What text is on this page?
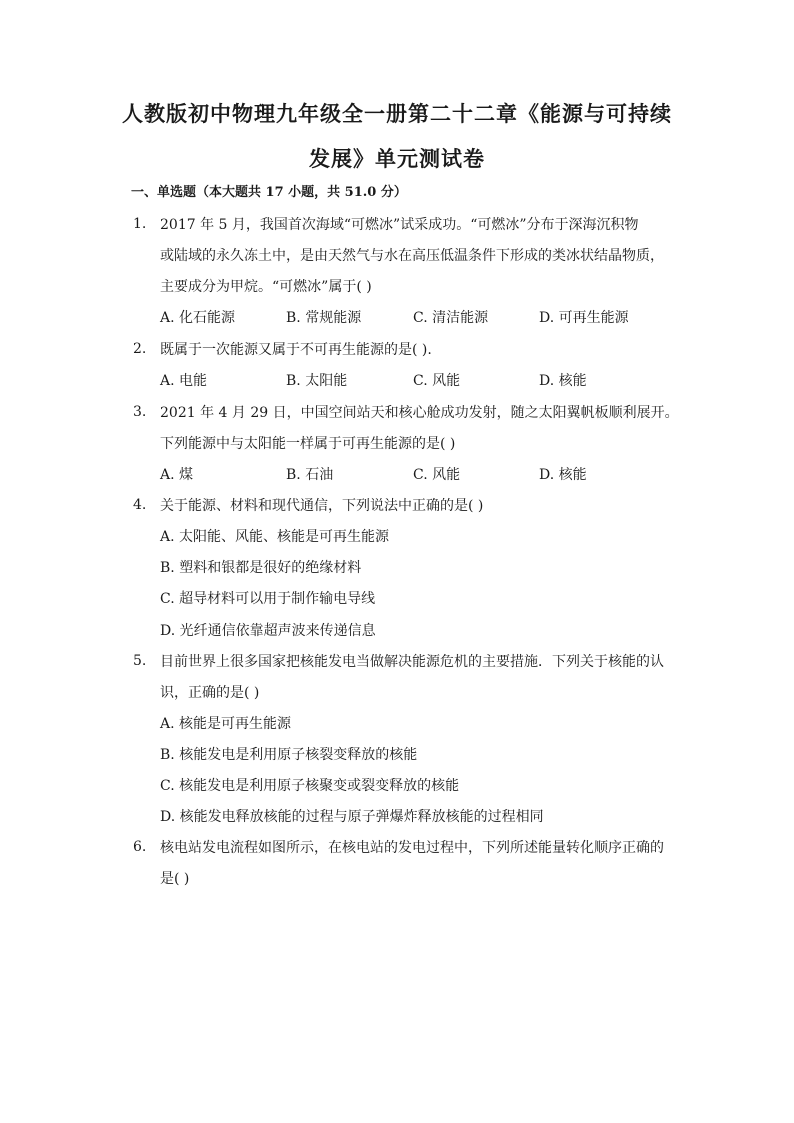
人教版初中物理九年级全一册第二十二章《能源与可持续
发展》单元测试卷
一、单选题（本大题共 17 小题，共 51.0 分）
1. 2017 年 5 月，我国首次海域“可燃冰”试采成功。“可燃冰”分布于深海沉积物
或陆域的永久冻土中，是由天然气与水在高压低温条件下形成的类冰状结晶物质，
主要成分为甲烷。“可燃冰”属于( )
A. 化石能源	B. 常规能源	C. 清洁能源	D. 可再生能源
2. 既属于一次能源又属于不可再生能源的是( ).
A. 电能	B. 太阳能	C. 风能	D. 核能
3. 2021 年 4 月 29 日，中国空间站天和核心舱成功发射，随之太阳翼帆板顺利展开。
下列能源中与太阳能一样属于可再生能源的是( )
A. 煤	B. 石油	C. 风能	D. 核能
4. 关于能源、材料和现代通信，下列说法中正确的是( )
A. 太阳能、风能、核能是可再生能源
B. 塑料和银都是很好的绝缘材料
C. 超导材料可以用于制作输电导线
D. 光纤通信依靠超声波来传递信息
5. 目前世界上很多国家把核能发电当做解决能源危机的主要措施．下列关于核能的认
识，正确的是( )
A. 核能是可再生能源
B. 核能发电是利用原子核裂变释放的核能
C. 核能发电是利用原子核聚变或裂变释放的核能
D. 核能发电释放核能的过程与原子弹爆炸释放核能的过程相同
6. 核电站发电流程如图所示，在核电站的发电过程中，下列所述能量转化顺序正确的
是( )
